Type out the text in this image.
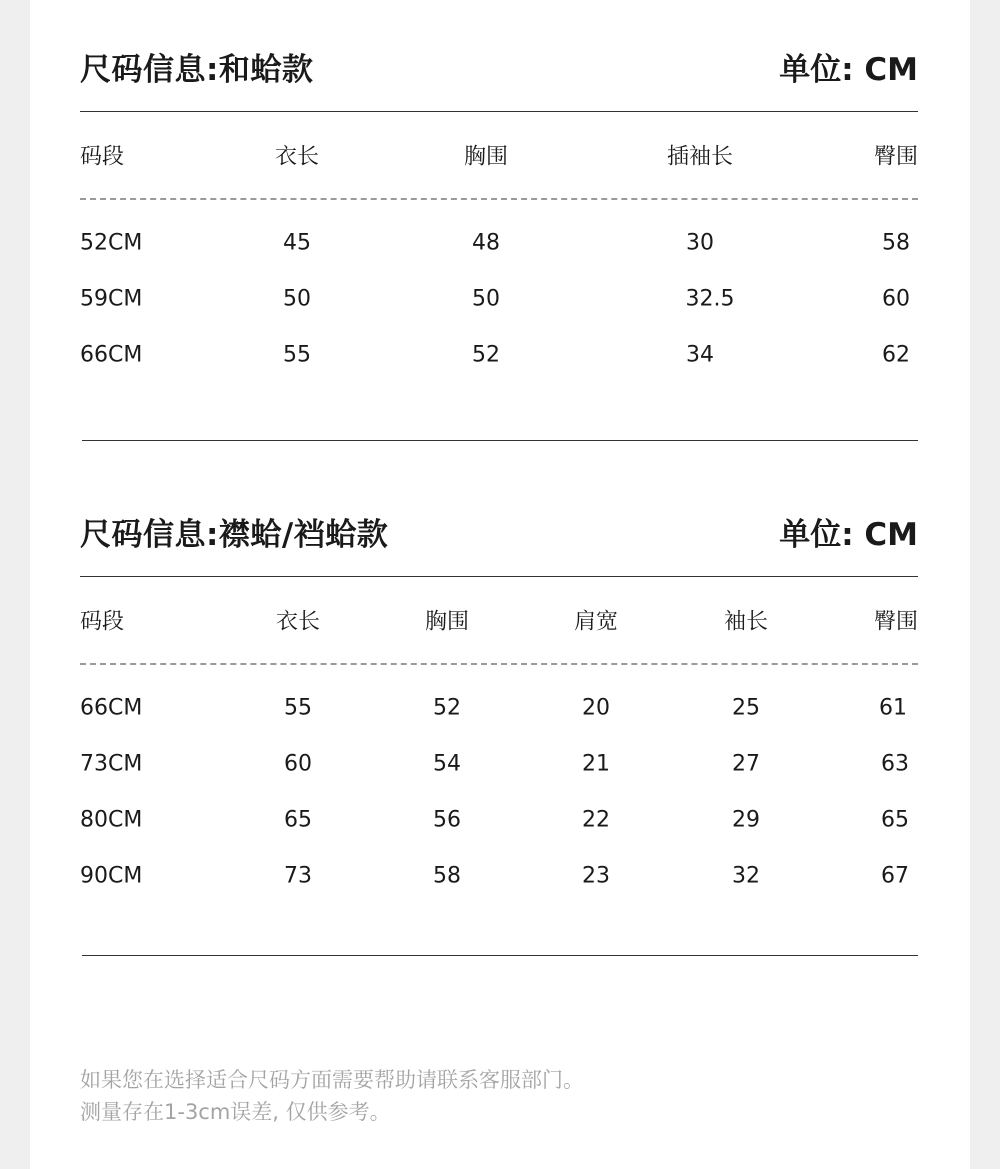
尺码信息:和蛤款	单位: CM
码段	衣长	胸围	插袖长	臀围
52CM	45	48	30	58
59CM	50	50	32.5	60
66CM	55	52	34	62
尺码信息:襟蛤/裆蛤款	单位: CM
码段	衣长	胸围	肩宽	袖长	臀围
66CM	55	52	20	25	61
73CM	60	54	21	27	63
80CM	65	56	22	29	65
90CM	73	58	23	32	67
如果您在选择适合尺码方面需要帮助请联系客服部门。
测量存在1-3cm误差, 仅供参考。
